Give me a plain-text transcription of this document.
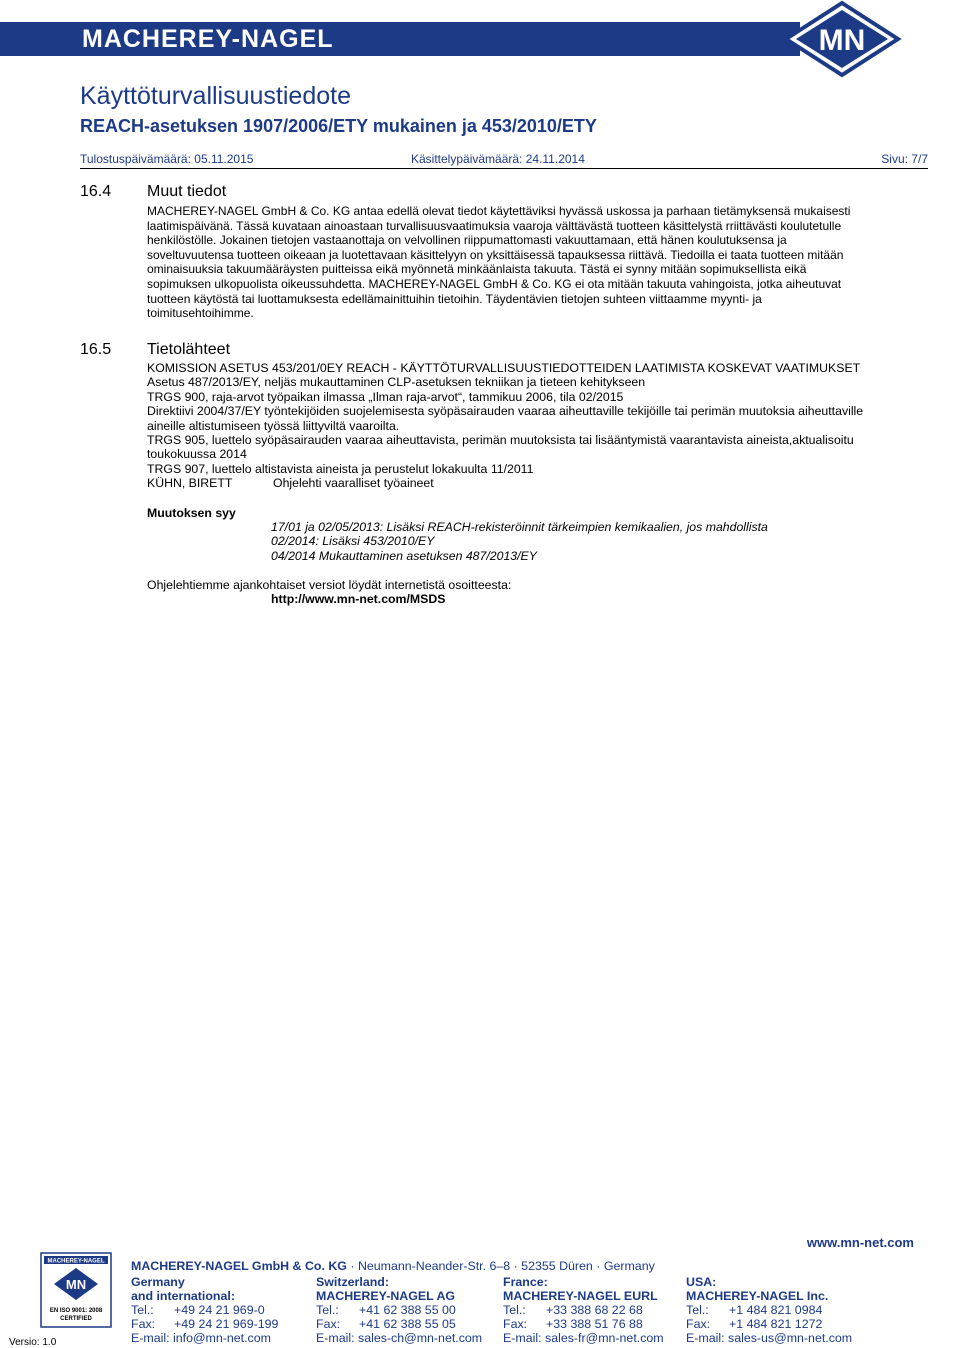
MACHEREY-NAGEL	MN
Käyttöturvallisuustiedote
REACH-asetuksen 1907/2006/ETY mukainen ja 453/2010/ETY
Tulostuspäivämäärä: 05.11.2015	Käsittelypäivämäärä: 24.11.2014	Sivu: 7/7
16.4 Muut tiedot
MACHEREY-NAGEL GmbH & Co. KG antaa edellä olevat tiedot käytettäviksi hyvässä uskossa ja parhaan tietämyksensä mukaisesti
laatimispäivänä. Tässä kuvataan ainoastaan turvallisuusvaatimuksia vaaroja välttävästä tuotteen käsittelystä rriittävästi koulutetulle
henkilöstölle. Jokainen tietojen vastaanottaja on velvollinen riippumattomasti vakuuttamaan, että hänen koulutuksensa ja
soveltuvuutensa tuotteen oikeaan ja luotettavaan käsittelyyn on yksittäisessä tapauksessa riittävä. Tiedoilla ei taata tuotteen mitään
ominaisuuksia takuumääräysten puitteissa eikä myönnetä minkäänlaista takuuta. Tästä ei synny mitään sopimuksellista eikä
sopimuksen ulkopuolista oikeussuhdetta. MACHEREY-NAGEL GmbH & Co. KG ei ota mitään takuuta vahingoista, jotka aiheutuvat
tuotteen käytöstä tai luottamuksesta edellämainittuihin tietoihin. Täydentävien tietojen suhteen viittaamme myynti- ja
toimitusehtoihimme.
16.5 Tietolähteet
KOMISSION ASETUS 453/201/0EY REACH - KÄYTTÖTURVALLISUUSTIEDOTTEIDEN LAATIMISTA KOSKEVAT VAATIMUKSET
Asetus 487/2013/EY, neljäs mukauttaminen CLP-asetuksen tekniikan ja tieteen kehitykseen
TRGS 900, raja-arvot työpaikan ilmassa „Ilman raja-arvot“, tammikuu 2006, tila 02/2015
Direktiivi 2004/37/EY työntekijöiden suojelemisesta syöpäsairauden vaaraa aiheuttaville tekijöille tai perimän muutoksia aiheuttaville
aineille altistumiseen työssä liittyviltä vaaroilta.
TRGS 905, luettelo syöpäsairauden vaaraa aiheuttavista, perimän muutoksista tai lisääntymistä vaarantavista aineista,aktualisoitu
toukokuussa 2014
TRGS 907, luettelo altistavista aineista ja perustelut lokakuulta 11/2011
KÜHN, BIRETT	Ohjelehti vaaralliset työaineet
Muutoksen syy
17/01 ja 02/05/2013: Lisäksi REACH-rekisteröinnit tärkeimpien kemikaalien, jos mahdollista
02/2014: Lisäksi 453/2010/EY
04/2014 Mukauttaminen asetuksen 487/2013/EY
Ohjelehtiemme ajankohtaiset versiot löydät internetistä osoitteesta:
http://www.mn-net.com/MSDS
MACHEREY-NAGEL
MN
EN ISO 9001: 2008
CERTIFIED
Versio: 1.0
www.mn-net.com
MACHEREY-NAGEL GmbH & Co. KG · Neumann-Neander-Str. 6–8 · 52355 Düren · Germany
Germany
and international:
Tel.: +49 24 21 969-0
Fax: +49 24 21 969-199
E-mail: info@mn-net.com
Switzerland:
MACHEREY-NAGEL AG
Tel.: +41 62 388 55 00
Fax: +41 62 388 55 05
E-mail: sales-ch@mn-net.com
France:
MACHEREY-NAGEL EURL
Tel.: +33 388 68 22 68
Fax: +33 388 51 76 88
E-mail: sales-fr@mn-net.com
USA:
MACHEREY-NAGEL Inc.
Tel.: +1 484 821 0984
Fax: +1 484 821 1272
E-mail: sales-us@mn-net.com
